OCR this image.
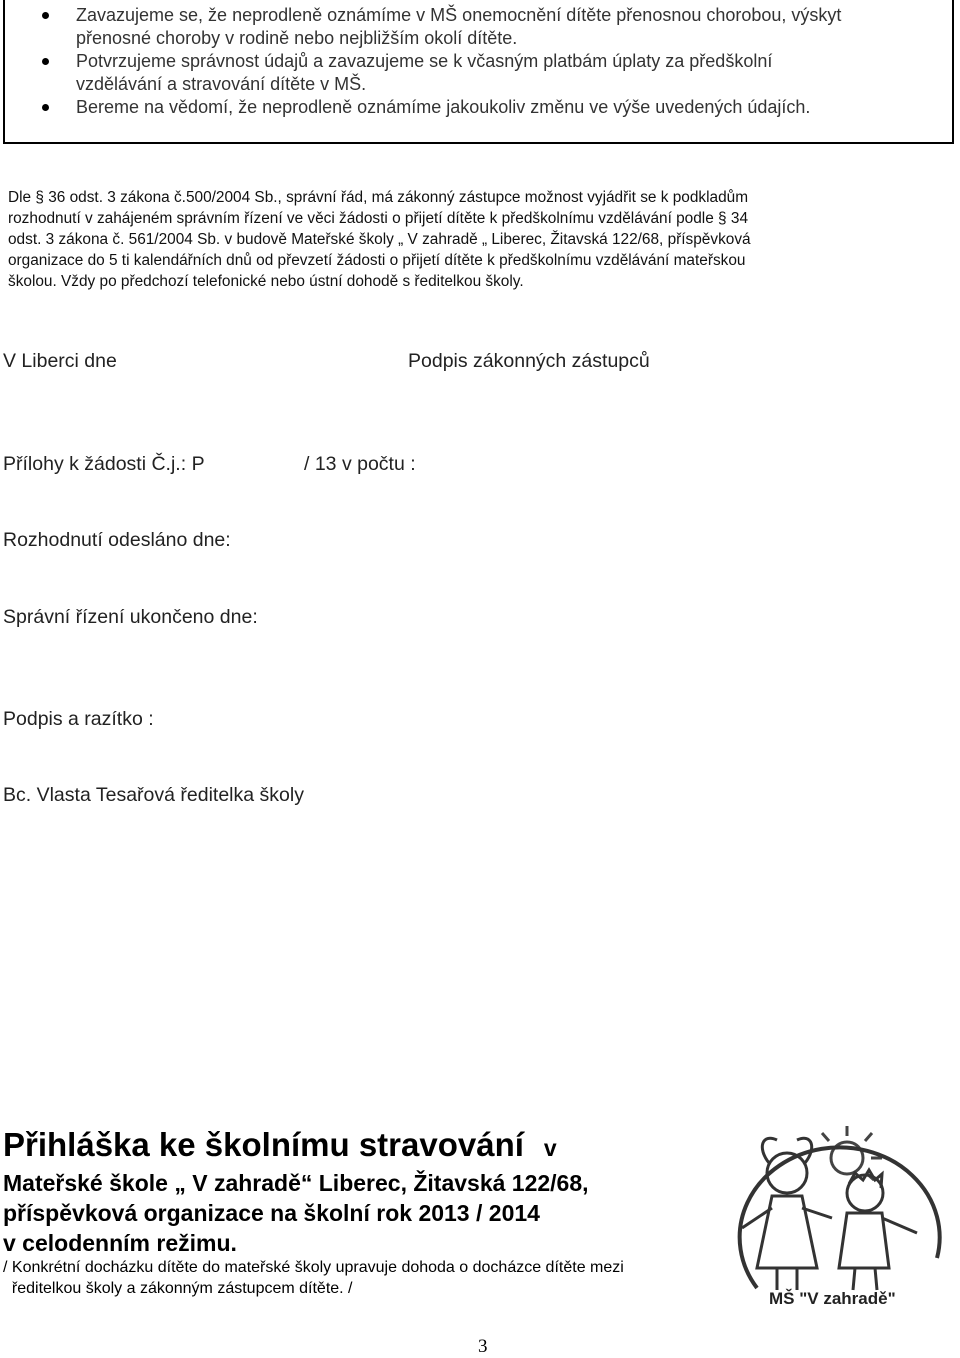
Zavazujeme se, že neprodleně oznámíme v MŠ onemocnění dítěte přenosnou chorobou, výskyt
přenosné choroby v rodině nebo nejbližším okolí dítěte.
Potvrzujeme správnost údajů a zavazujeme se k včasným platbám úplaty za předškolní
vzdělávání a stravování dítěte v MŠ.
Bereme na vědomí, že neprodleně oznámíme jakoukoliv změnu ve výše uvedených údajích.
Dle § 36 odst. 3 zákona č.500/2004 Sb., správní řád, má zákonný zástupce možnost vyjádřit se k podkladům
rozhodnutí v zahájeném správním řízení ve věci žádosti o přijetí dítěte k předškolnímu vzdělávání podle § 34
odst. 3 zákona č. 561/2004 Sb. v budově Mateřské školy „ V zahradě „ Liberec, Žitavská 122/68, příspěvková
organizace do 5 ti kalendářních dnů od převzetí žádosti o přijetí dítěte k předškolnímu vzdělávání mateřskou
školou. Vždy po předchozí telefonické nebo ústní dohodě s ředitelkou školy.
V Liberci dne	Podpis zákonných zástupců
Přílohy k žádosti Č.j.: P	/ 13 v počtu :
Rozhodnutí odesláno dne:
Správní řízení ukončeno dne:
Podpis a razítko :
Bc. Vlasta Tesařová ředitelka školy
Přihláška ke školnímu stravování v
Mateřské škole „ V zahradě“ Liberec, Žitavská 122/68,
příspěvková organizace na školní rok 2013 / 2014
v celodenním režimu.
/ Konkrétní docházku dítěte do mateřské školy upravuje dohoda o docházce dítěte mezi
ředitelkou školy a zákonným zástupcem dítěte. /
MŠ "V zahradě"
3
